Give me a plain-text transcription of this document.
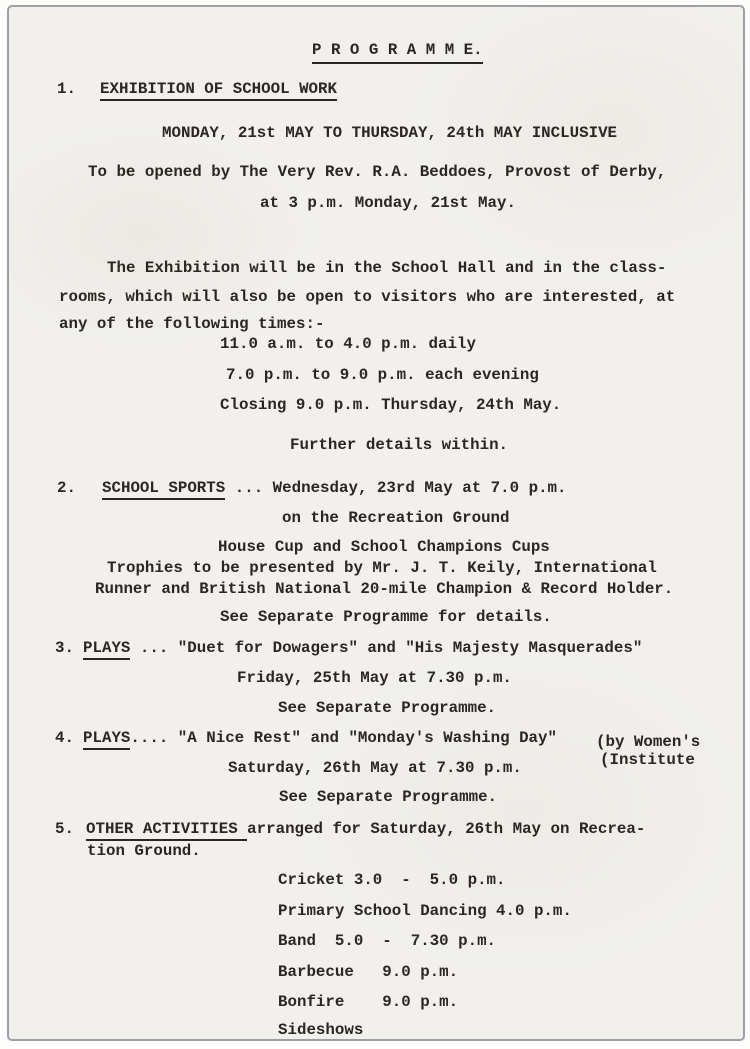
P R O G R A M M E.
1. EXHIBITION OF SCHOOL WORK
MONDAY, 21st MAY TO THURSDAY, 24th MAY INCLUSIVE
To be opened by The Very Rev. R.A. Beddoes, Provost of Derby,
at 3 p.m. Monday, 21st May.
The Exhibition will be in the School Hall and in the class-
rooms, which will also be open to visitors who are interested, at
any of the following times:-
11.0 a.m. to 4.0 p.m. daily
7.0 p.m. to 9.0 p.m. each evening
Closing 9.0 p.m. Thursday, 24th May.
Further details within.
2. SCHOOL SPORTS ... Wednesday, 23rd May at 7.0 p.m.
on the Recreation Ground
House Cup and School Champions Cups
Trophies to be presented by Mr. J. T. Keily, International
Runner and British National 20-mile Champion & Record Holder.
See Separate Programme for details.
3. PLAYS ... "Duet for Dowagers" and "His Majesty Masquerades"
Friday, 25th May at 7.30 p.m.
See Separate Programme.
4. PLAYS.... "A Nice Rest" and "Monday's Washing Day" (by Women's
(Institute
Saturday, 26th May at 7.30 p.m.
See Separate Programme.
5. OTHER ACTIVITIES arranged for Saturday, 26th May on Recrea-
tion Ground.
Cricket 3.0  -  5.0 p.m.
Primary School Dancing 4.0 p.m.
Band  5.0  -  7.30 p.m.
Barbecue   9.0 p.m.
Bonfire    9.0 p.m.
Sideshows
